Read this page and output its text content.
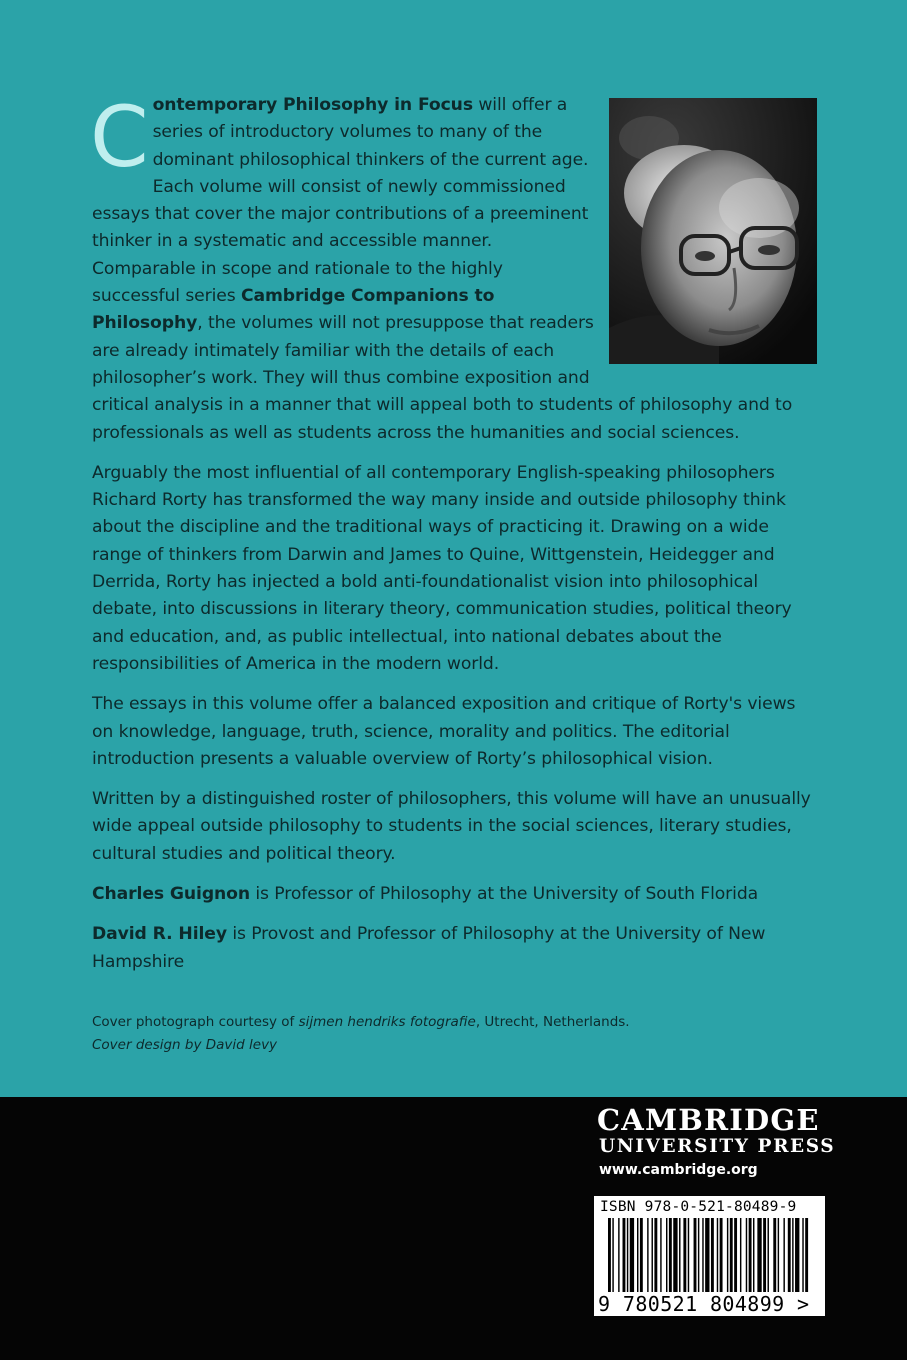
C ontemporary Philosophy in Focus will offer a series of introductory volumes to many of the dominant philosophical thinkers of the current age. Each volume will consist of newly commissioned essays that cover the major contributions of a preeminent thinker in a systematic and accessible manner. Comparable in scope and rationale to the highly successful series Cambridge Companions to Philosophy, the volumes will not presuppose that readers are already intimately familiar with the details of each philosopher’s work. They will thus combine exposition and critical analysis in a manner that will appeal both to students of philosophy and to professionals as well as students across the humanities and social sciences.

Arguably the most influential of all contemporary English-speaking philosophers Richard Rorty has transformed the way many inside and outside philosophy think about the discipline and the traditional ways of practicing it. Drawing on a wide range of thinkers from Darwin and James to Quine, Wittgenstein, Heidegger and Derrida, Rorty has injected a bold anti-foundationalist vision into philosophical debate, into discussions in literary theory, communication studies, political theory and education, and, as public intellectual, into national debates about the responsibilities of America in the modern world.

The essays in this volume offer a balanced exposition and critique of Rorty's views on knowledge, language, truth, science, morality and politics. The editorial introduction presents a valuable overview of Rorty’s philosophical vision.

Written by a distinguished roster of philosophers, this volume will have an unusually wide appeal outside philosophy to students in the social sciences, literary studies, cultural studies and political theory.

Charles Guignon is Professor of Philosophy at the University of South Florida

David R. Hiley is Provost and Professor of Philosophy at the University of New Hampshire

Cover photograph courtesy of sijmen hendriks fotografie, Utrecht, Netherlands.

Cover design by David levy

CAMBRIDGE
UNIVERSITY PRESS
www.cambridge.org
ISBN 978-0-521-80489-9
9 780521 804899 >
